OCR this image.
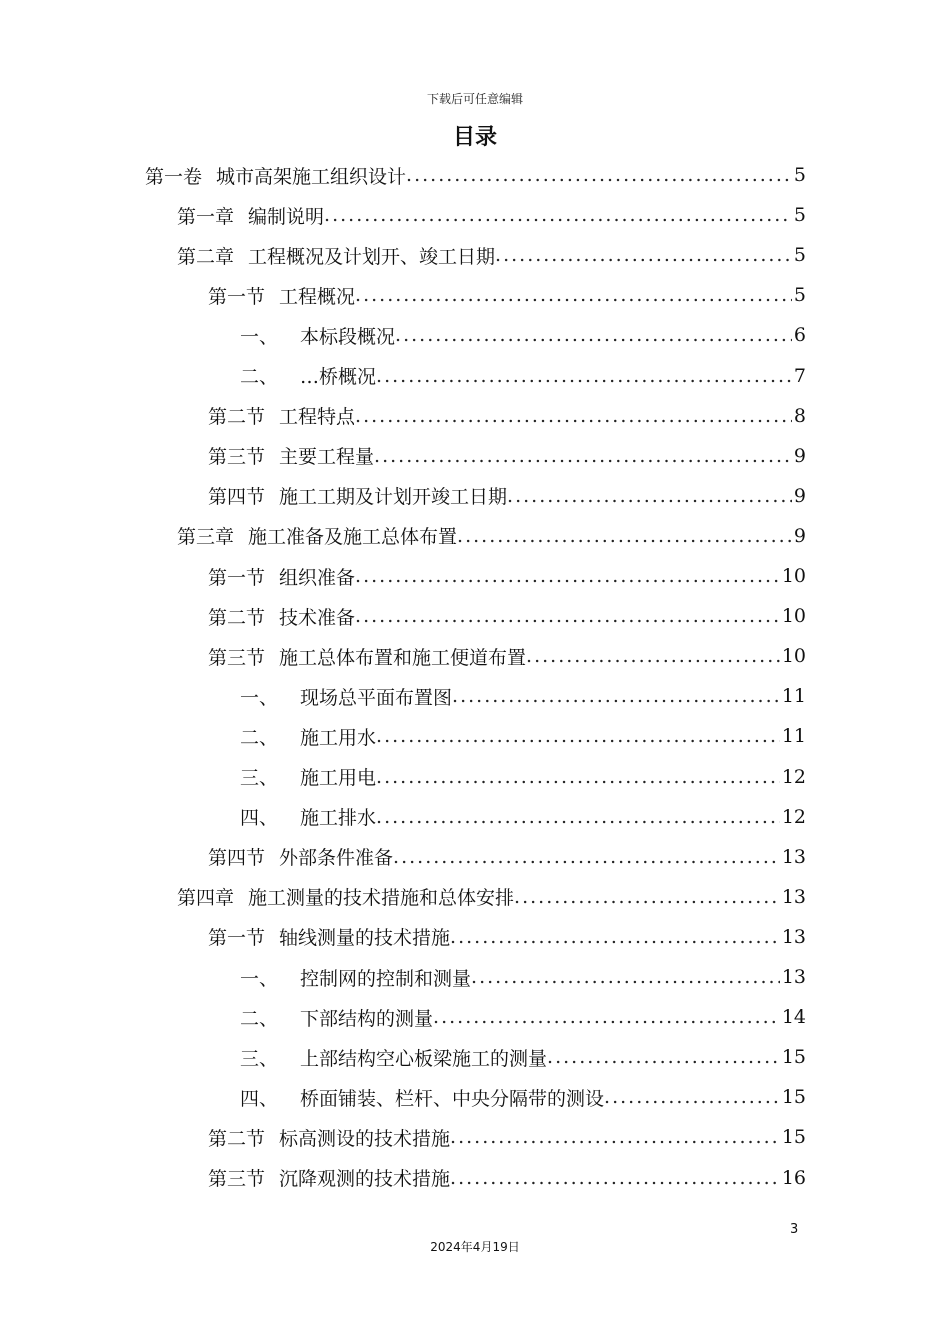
下载后可任意编辑
目录
第一卷 城市高架施工组织设计 .....	5
第一章 编制说明 .....	5
第二章 工程概况及计划开、竣工日期 .....	5
第一节 工程概况 .....	5
一、 本标段概况 .....	6
二、 …桥概况 .....	7
第二节 工程特点 .....	8
第三节 主要工程量 .....	9
第四节 施工工期及计划开竣工日期 .....	9
第三章 施工准备及施工总体布置 .....	9
第一节 组织准备 .....	10
第二节 技术准备 .....	10
第三节 施工总体布置和施工便道布置 .....	10
一、 现场总平面布置图 .....	11
二、 施工用水 .....	11
三、 施工用电 .....	12
四、 施工排水 .....	12
第四节 外部条件准备 .....	13
第四章 施工测量的技术措施和总体安排 .....	13
第一节 轴线测量的技术措施 .....	13
一、 控制网的控制和测量 .....	13
二、 下部结构的测量 .....	14
三、 上部结构空心板梁施工的测量 .....	15
四、 桥面铺装、栏杆、中央分隔带的测设 .....	15
第二节 标高测设的技术措施 .....	15
第三节 沉降观测的技术措施 .....	16
3
2024年4月19日
